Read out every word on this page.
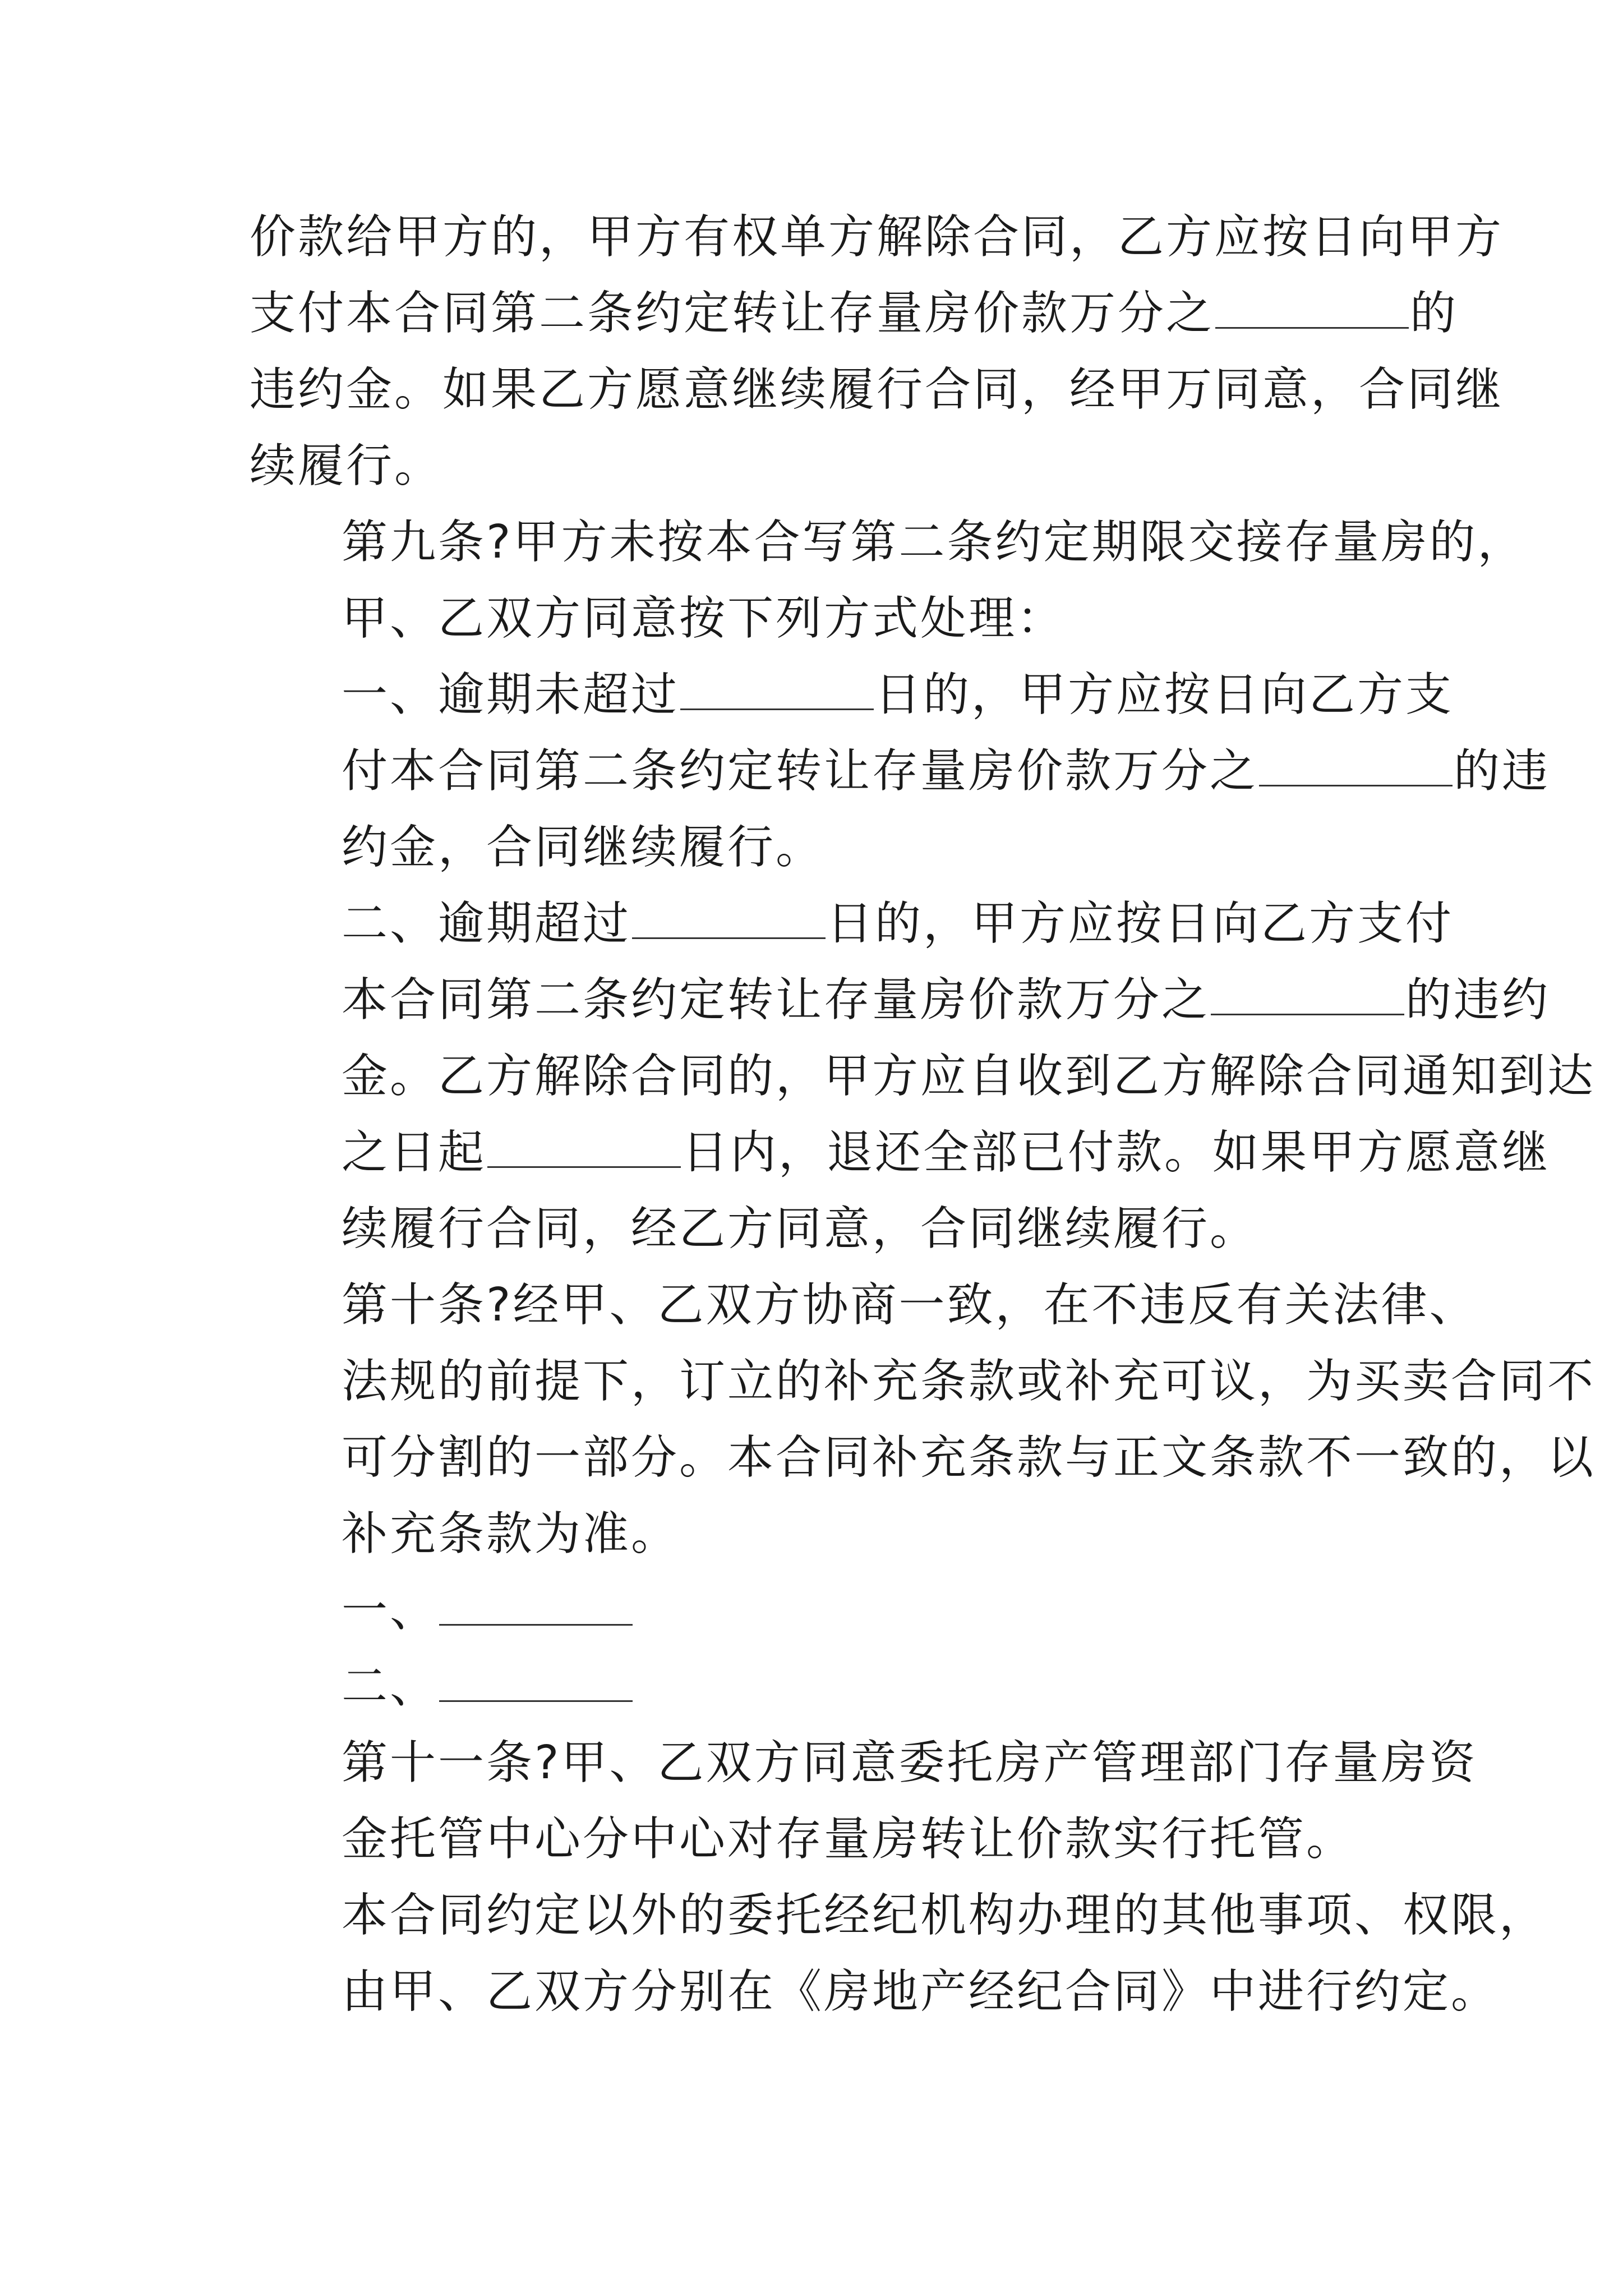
价款给甲方的，甲方有权单方解除合同，乙方应按日向甲方
支付本合同第二条约定转让存量房价款万分之	的
违约金。如果乙方愿意继续履行合同，经甲万同意，合同继
续履行。
第九条?甲方未按本合写第二条约定期限交接存量房的，
甲、乙双方同意按下列方式处理：
一、逾期未超过	日的，甲方应按日向乙方支
付本合同第二条约定转让存量房价款万分之	的违
约金，合同继续履行。
二、逾期超过	日的，甲方应按日向乙方支付
本合同第二条约定转让存量房价款万分之	的违约
金。乙方解除合同的，甲方应自收到乙方解除合同通知到达
之日起	日内，退还全部已付款。如果甲方愿意继
续履行合同，经乙方同意，合同继续履行。
第十条?经甲、乙双方协商一致，在不违反有关法律、
法规的前提下，订立的补充条款或补充可议，为买卖合同不
可分割的一部分。本合同补充条款与正文条款不一致的，以
补充条款为准。
一、
二、
第十一条?甲、乙双方同意委托房产管理部门存量房资
金托管中心分中心对存量房转让价款实行托管。
本合同约定以外的委托经纪机构办理的其他事项、权限，
由甲、乙双方分别在《房地产经纪合同》中进行约定。
